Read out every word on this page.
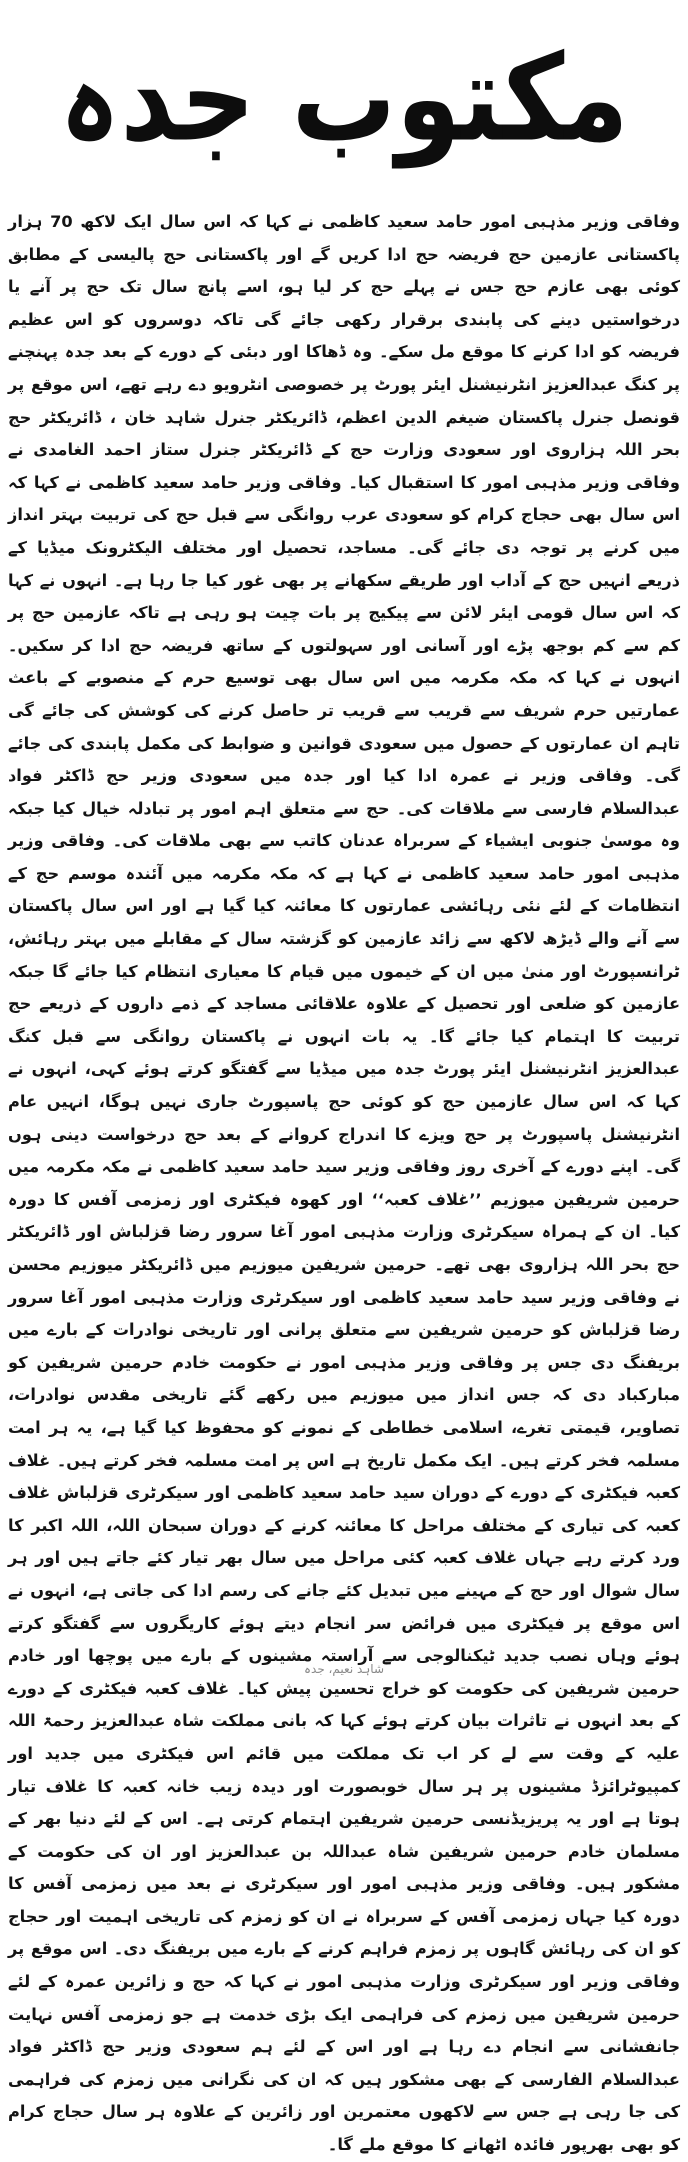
مکتوب جدہ

وفاقی وزیر مذہبی امور حامد سعید کاظمی نے کہا کہ اس سال ایک لاکھ 70 ہزار پاکستانی عازمین حج فریضہ حج ادا کریں گے اور پاکستانی حج پالیسی کے مطابق کوئی بھی عازم حج جس نے پہلے حج کر لیا ہو، اسے پانچ سال تک حج پر آنے یا درخواستیں دینے کی پابندی برقرار رکھی جائے گی تاکہ دوسروں کو اس عظیم فریضہ کو ادا کرنے کا موقع مل سکے۔ وہ ڈھاکا اور دبئی کے دورے کے بعد جدہ پہنچنے پر کنگ عبدالعزیز انٹرنیشنل ایئر پورٹ پر خصوصی انٹرویو دے رہے تھے، اس موقع پر قونصل جنرل پاکستان ضیغم الدین اعظم، ڈائریکٹر جنرل شاہد خان ، ڈائریکٹر حج بحر اللہ ہزاروی اور سعودی وزارت حج کے ڈائریکٹر جنرل ستاز احمد الغامدی نے وفاقی وزیر مذہبی امور کا استقبال کیا۔ وفاقی وزیر حامد سعید کاظمی نے کہا کہ اس سال بھی حجاج کرام کو سعودی عرب روانگی سے قبل حج کی تربیت بہتر انداز میں کرنے پر توجہ دی جائے گی۔ مساجد، تحصیل اور مختلف الیکٹرونک میڈیا کے ذریعے انہیں حج کے آداب اور طریقے سکھانے پر بھی غور کیا جا رہا ہے۔ انہوں نے کہا کہ اس سال قومی ایئر لائن سے پیکیج پر بات چیت ہو رہی ہے تاکہ عازمین حج پر کم سے کم بوجھ پڑے اور آسانی اور سہولتوں کے ساتھ فریضہ حج ادا کر سکیں۔ انہوں نے کہا کہ مکہ مکرمہ میں اس سال بھی توسیع حرم کے منصوبے کے باعث عمارتیں حرم شریف سے قریب سے قریب تر حاصل کرنے کی کوشش کی جائے گی تاہم ان عمارتوں کے حصول میں سعودی قوانین و ضوابط کی مکمل پابندی کی جائے گی۔ وفاقی وزیر نے عمرہ ادا کیا اور جدہ میں سعودی وزیر حج ڈاکٹر فواد عبدالسلام فارسی سے ملاقات کی۔ حج سے متعلق اہم امور پر تبادلہ خیال کیا جبکہ وہ موسیٰ جنوبی ایشیاء کے سربراہ عدنان کاتب سے بھی ملاقات کی۔ وفاقی وزیر مذہبی امور حامد سعید کاظمی نے کہا ہے کہ مکہ مکرمہ میں آئندہ موسم حج کے انتظامات کے لئے نئی رہائشی عمارتوں کا معائنہ کیا گیا ہے اور اس سال پاکستان سے آنے والے ڈیڑھ لاکھ سے زائد عازمین کو گزشتہ سال کے مقابلے میں بہتر رہائش، ٹرانسپورٹ اور منیٰ میں ان کے خیموں میں قیام کا معیاری انتظام کیا جائے گا جبکہ عازمین کو ضلعی اور تحصیل کے علاوہ علاقائی مساجد کے ذمے داروں کے ذریعے حج تربیت کا اہتمام کیا جائے گا۔ یہ بات انہوں نے پاکستان روانگی سے قبل کنگ عبدالعزیز انٹرنیشنل ایئر پورٹ جدہ میں میڈیا سے گفتگو کرتے ہوئے کہی، انہوں نے کہا کہ اس سال عازمین حج کو کوئی حج پاسپورٹ جاری نہیں ہوگا، انہیں عام انٹرنیشنل پاسپورٹ پر حج ویزے کا اندراج کروانے کے بعد حج درخواست دینی ہوں گی۔ اپنے دورے کے آخری روز وفاقی وزیر سید حامد سعید کاظمی نے مکہ مکرمہ میں حرمین شریفین میوزیم ’’غلاف کعبہ‘‘ اور کھوہ فیکٹری اور زمزمی آفس کا دورہ کیا۔ ان کے ہمراہ سیکرٹری وزارت مذہبی امور آغا سرور رضا قزلباش اور ڈائریکٹر حج بحر اللہ ہزاروی بھی تھے۔ حرمین شریفین میوزیم میں ڈائریکٹر میوزیم محسن نے وفاقی وزیر سید حامد سعید کاظمی اور سیکرٹری وزارت مذہبی امور آغا سرور رضا قزلباش کو حرمین شریفین سے متعلق پرانی اور تاریخی نوادرات کے بارے میں بریفنگ دی جس پر وفاقی وزیر مذہبی امور نے حکومت خادم حرمین شریفین کو مبارکباد دی کہ جس انداز میں میوزیم میں رکھے گئے تاریخی مقدس نوادرات، تصاویر، قیمتی تغرے، اسلامی خطاطی کے نمونے کو محفوظ کیا گیا ہے، یہ ہر امت مسلمہ فخر کرتے ہیں۔ ایک مکمل تاریخ ہے اس پر امت مسلمہ فخر کرتے ہیں۔ غلاف کعبہ فیکٹری کے دورے کے دوران سید حامد سعید کاظمی اور سیکرٹری قزلباش غلاف کعبہ کی تیاری کے مختلف مراحل کا معائنہ کرنے کے دوران سبحان اللہ، اللہ اکبر کا ورد کرتے رہے جہاں غلاف کعبہ کئی مراحل میں سال بھر تیار کئے جاتے ہیں اور ہر سال شوال اور حج کے مہینے میں تبدیل کئے جانے کی رسم ادا کی جاتی ہے، انہوں نے اس موقع پر فیکٹری میں فرائض سر انجام دیتے ہوئے کاریگروں سے گفتگو کرتے ہوئے وہاں نصب جدید ٹیکنالوجی سے آراستہ مشینوں کے بارے میں پوچھا اور خادم حرمین شریفین کی حکومت کو خراج تحسین پیش کیا۔ غلاف کعبہ فیکٹری کے دورے کے بعد انہوں نے تاثرات بیان کرتے ہوئے کہا کہ بانی مملکت شاہ عبدالعزیز رحمۃ اللہ علیہ کے وقت سے لے کر اب تک مملکت میں قائم اس فیکٹری میں جدید اور کمپیوٹرائزڈ مشینوں پر ہر سال خوبصورت اور دیدہ زیب خانہ کعبہ کا غلاف تیار ہوتا ہے اور یہ پریزیڈنسی حرمین شریفین اہتمام کرتی ہے۔ اس کے لئے دنیا بھر کے مسلمان خادم حرمین شریفین شاہ عبداللہ بن عبدالعزیز اور ان کی حکومت کے مشکور ہیں۔ وفاقی وزیر مذہبی امور اور سیکرٹری نے بعد میں زمزمی آفس کا دورہ کیا جہاں زمزمی آفس کے سربراہ نے ان کو زمزم کی تاریخی اہمیت اور حجاج کو ان کی رہائش گاہوں پر زمزم فراہم کرنے کے بارے میں بریفنگ دی۔ اس موقع پر وفاقی وزیر اور سیکرٹری وزارت مذہبی امور نے کہا کہ حج و زائرین عمرہ کے لئے حرمین شریفین میں زمزم کی فراہمی ایک بڑی خدمت ہے جو زمزمی آفس نہایت جانفشانی سے انجام دے رہا ہے اور اس کے لئے ہم سعودی وزیر حج ڈاکٹر فواد عبدالسلام الفارسی کے بھی مشکور ہیں کہ ان کی نگرانی میں زمزم کی فراہمی کی جا رہی ہے جس سے لاکھوں معتمرین اور زائرین کے علاوہ ہر سال حجاج کرام کو بھی بھرپور فائدہ اٹھانے کا موقع ملے گا۔

شاہد نعیم، جدہ
